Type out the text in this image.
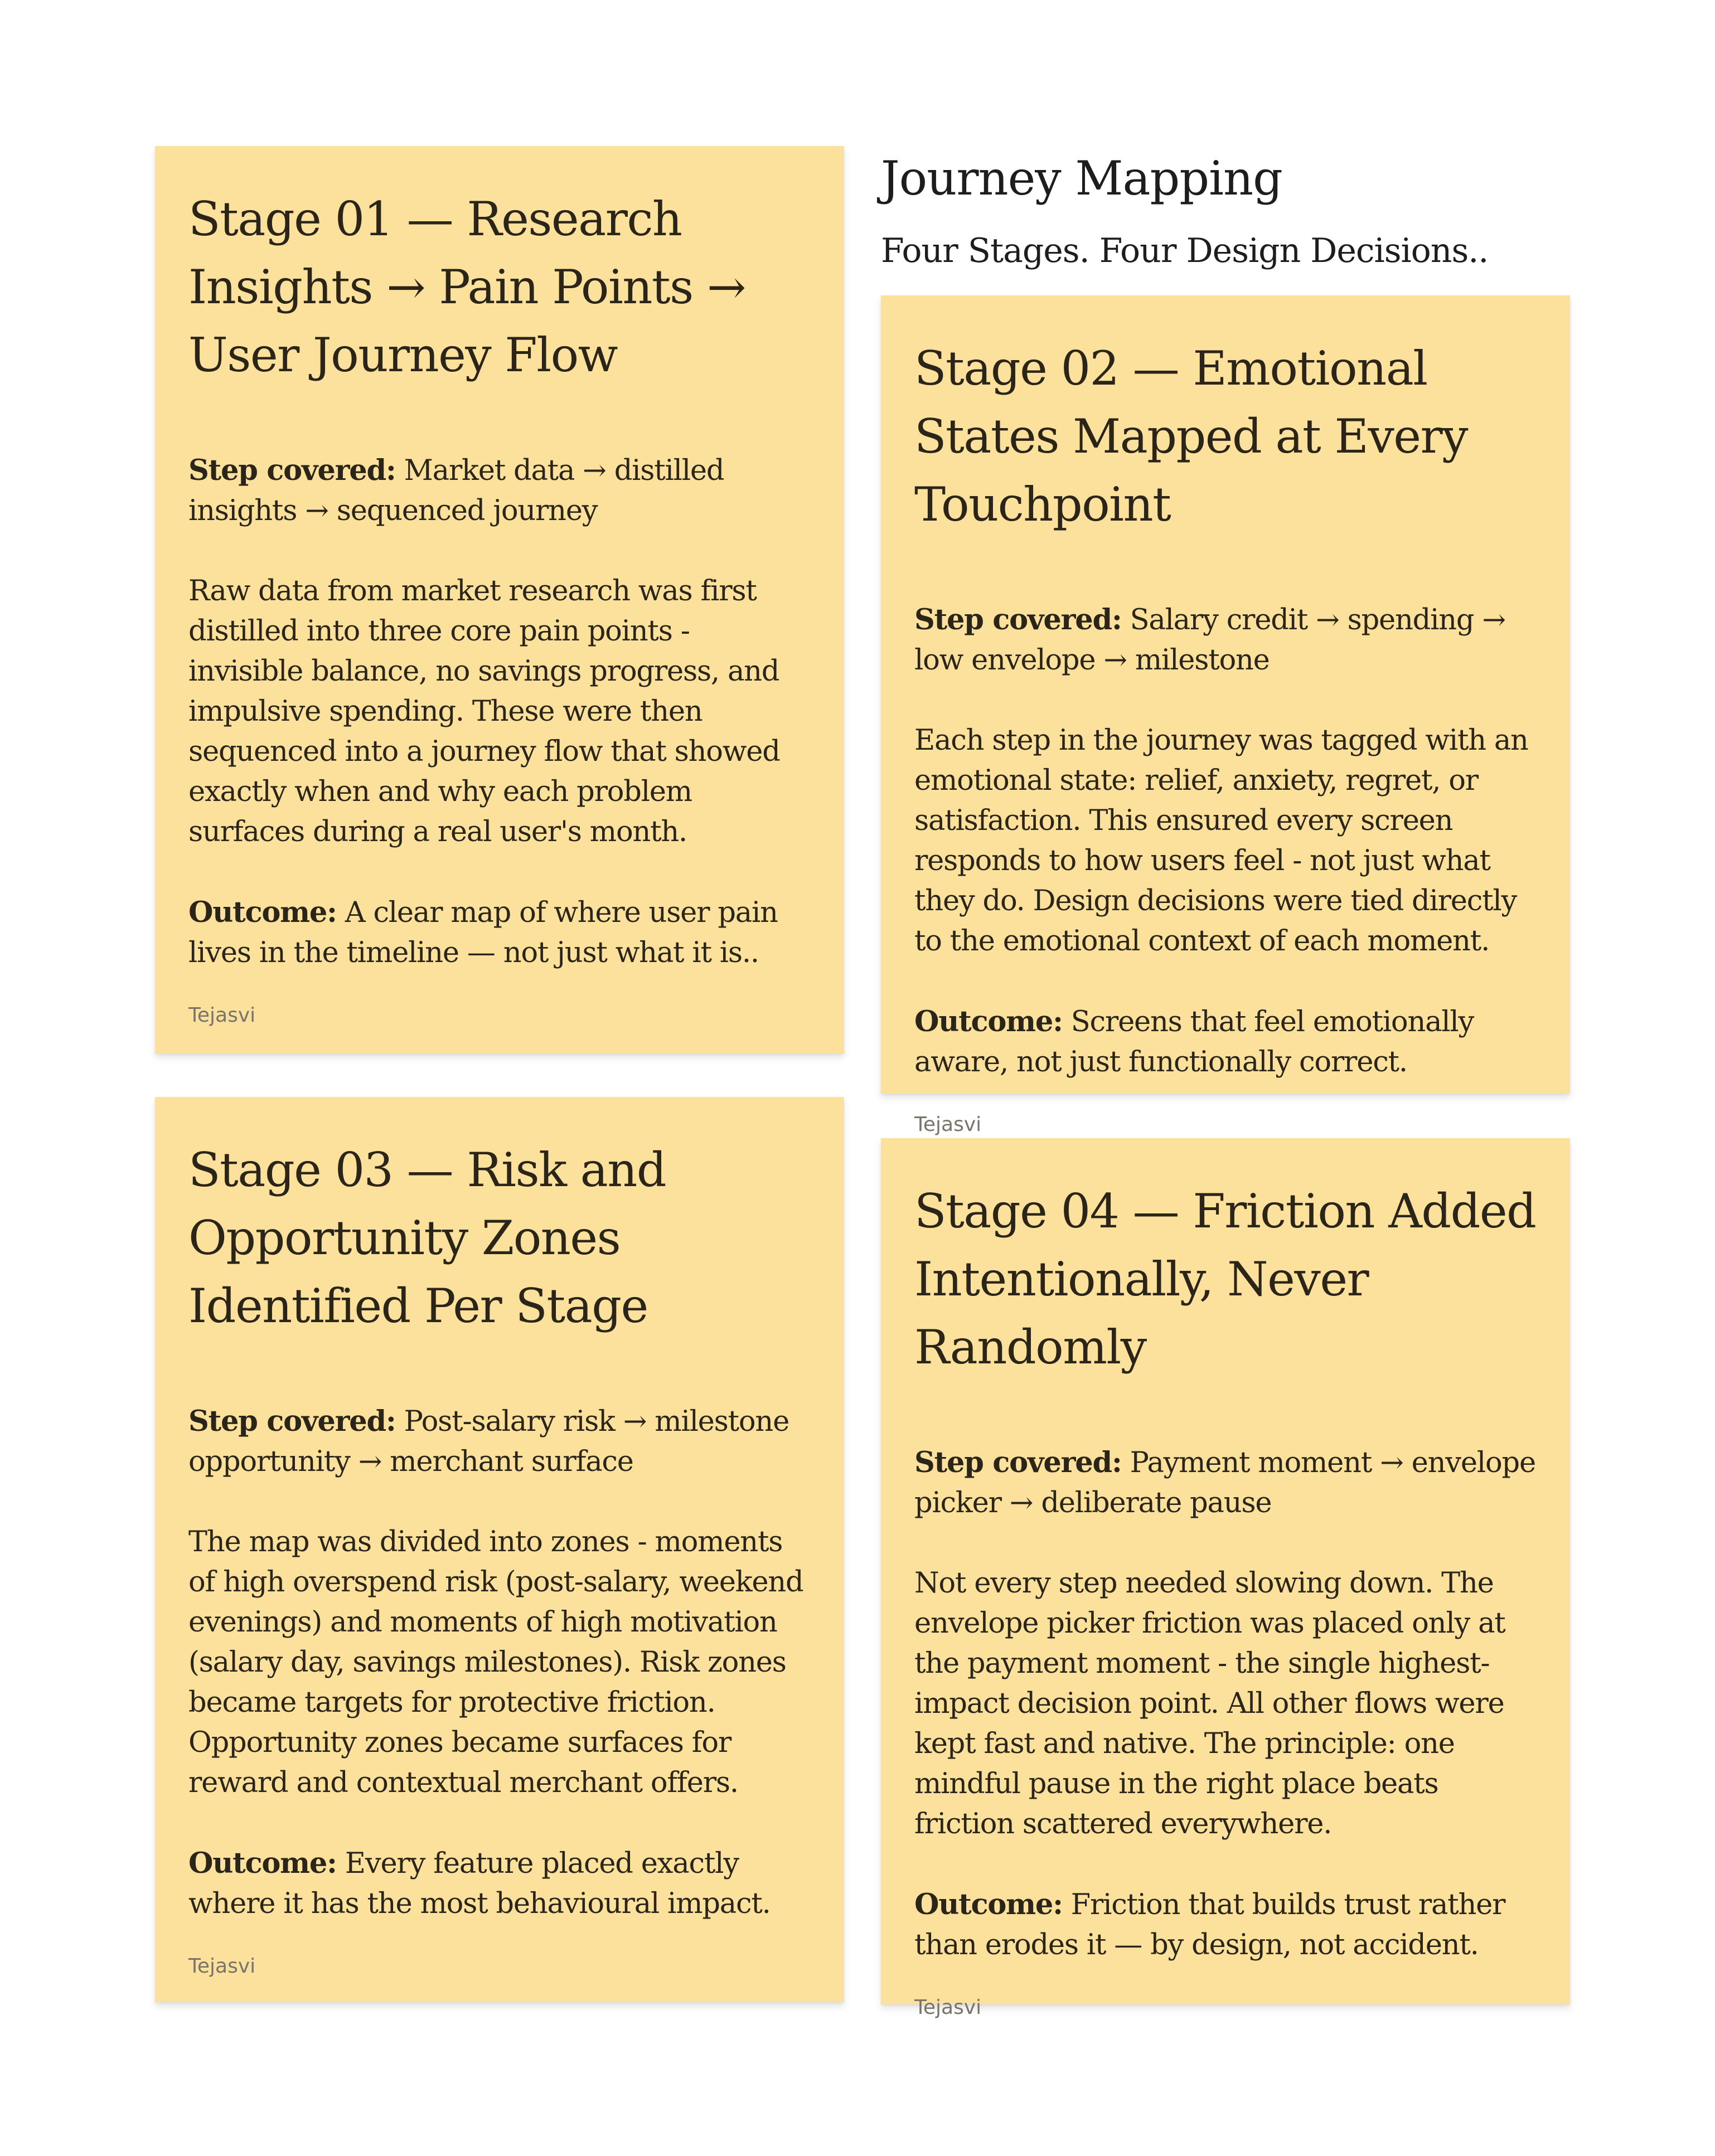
Journey Mapping
Four Stages. Four Design Decisions..
Stage 01 — Research Insights → Pain Points → User Journey Flow

Step covered: Market data → distilled insights → sequenced journey

Raw data from market research was first distilled into three core pain points - invisible balance, no savings progress, and impulsive spending. These were then sequenced into a journey flow that showed exactly when and why each problem surfaces during a real user's month.

Outcome: A clear map of where user pain lives in the timeline — not just what it is..

Tejasvi
Stage 02 — Emotional States Mapped at Every Touchpoint

Step covered: Salary credit → spending → low envelope → milestone

Each step in the journey was tagged with an emotional state: relief, anxiety, regret, or satisfaction. This ensured every screen responds to how users feel - not just what they do. Design decisions were tied directly to the emotional context of each moment.

Outcome: Screens that feel emotionally aware, not just functionally correct.

Tejasvi
Stage 03 — Risk and Opportunity Zones Identified Per Stage

Step covered: Post-salary risk → milestone opportunity → merchant surface

The map was divided into zones - moments of high overspend risk (post-salary, weekend evenings) and moments of high motivation (salary day, savings milestones). Risk zones became targets for protective friction. Opportunity zones became surfaces for reward and contextual merchant offers.

Outcome: Every feature placed exactly where it has the most behavioural impact.

Tejasvi
Stage 04 — Friction Added Intentionally, Never Randomly

Step covered: Payment moment → envelope picker → deliberate pause

Not every step needed slowing down. The envelope picker friction was placed only at the payment moment - the single highest-impact decision point. All other flows were kept fast and native. The principle: one mindful pause in the right place beats friction scattered everywhere.

Outcome: Friction that builds trust rather than erodes it — by design, not accident.

Tejasvi
